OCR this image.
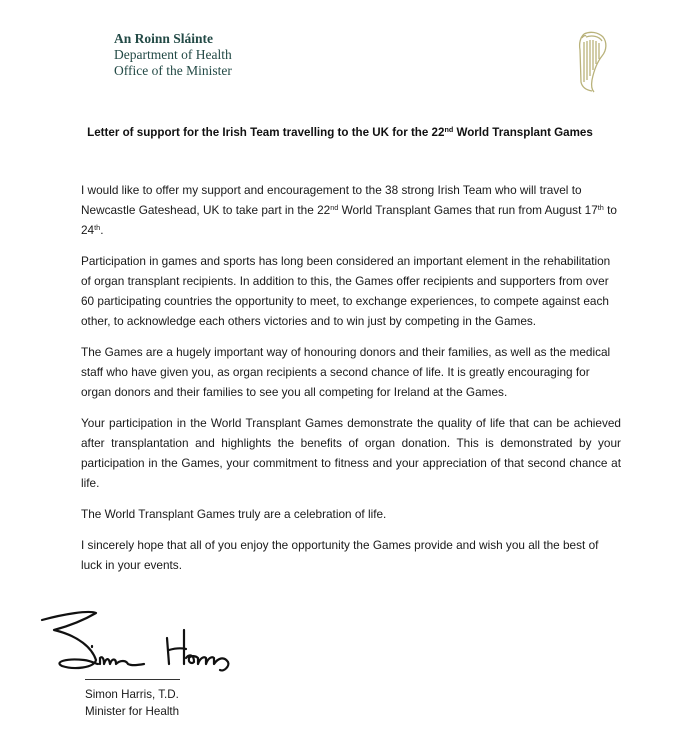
An Roinn Sláinte
Department of Health
Office of the Minister
Letter of support for the Irish Team travelling to the UK for the 22nd World Transplant Games

I would like to offer my support and encouragement to the 38 strong Irish Team who will travel to Newcastle Gateshead, UK to take part in the 22nd World Transplant Games that run from August 17th to 24th.

Participation in games and sports has long been considered an important element in the rehabilitation of organ transplant recipients. In addition to this, the Games offer recipients and supporters from over 60 participating countries the opportunity to meet, to exchange experiences, to compete against each other, to acknowledge each others victories and to win just by competing in the Games.

The Games are a hugely important way of honouring donors and their families, as well as the medical staff who have given you, as organ recipients a second chance of life. It is greatly encouraging for organ donors and their families to see you all competing for Ireland at the Games.

Your participation in the World Transplant Games demonstrate the quality of life that can be achieved after transplantation and highlights the benefits of organ donation. This is demonstrated by your participation in the Games, your commitment to fitness and your appreciation of that second chance at life.

The World Transplant Games truly are a celebration of life.

I sincerely hope that all of you enjoy the opportunity the Games provide and wish you all the best of luck in your events.

Simon Harris, T.D.
Minister for Health
